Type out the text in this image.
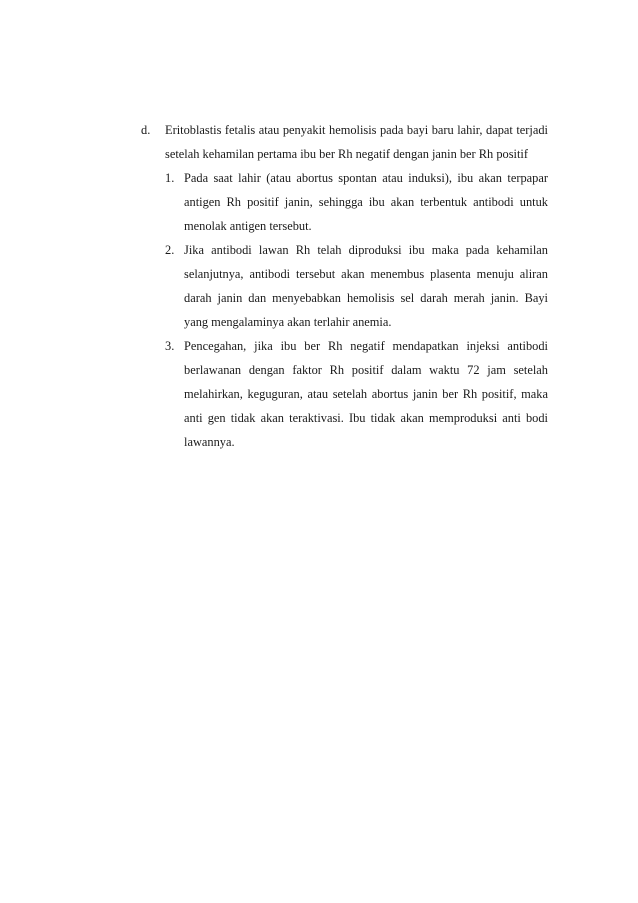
d.	Eritoblastis fetalis atau penyakit hemolisis pada bayi baru lahir, dapat terjadi setelah kehamilan pertama ibu ber Rh negatif dengan janin ber Rh positif
1. Pada saat lahir (atau abortus spontan atau induksi), ibu akan terpapar antigen Rh positif janin, sehingga ibu akan terbentuk antibodi untuk menolak antigen tersebut.
2. Jika antibodi lawan Rh telah diproduksi ibu maka pada kehamilan selanjutnya, antibodi tersebut akan menembus plasenta menuju aliran darah janin dan menyebabkan hemolisis sel darah merah janin. Bayi yang mengalaminya akan terlahir anemia.
3. Pencegahan, jika ibu ber Rh negatif mendapatkan injeksi antibodi berlawanan dengan faktor Rh positif dalam waktu 72 jam setelah melahirkan, keguguran, atau setelah abortus janin ber Rh positif, maka anti gen tidak akan teraktivasi. Ibu tidak akan memproduksi anti bodi lawannya.
